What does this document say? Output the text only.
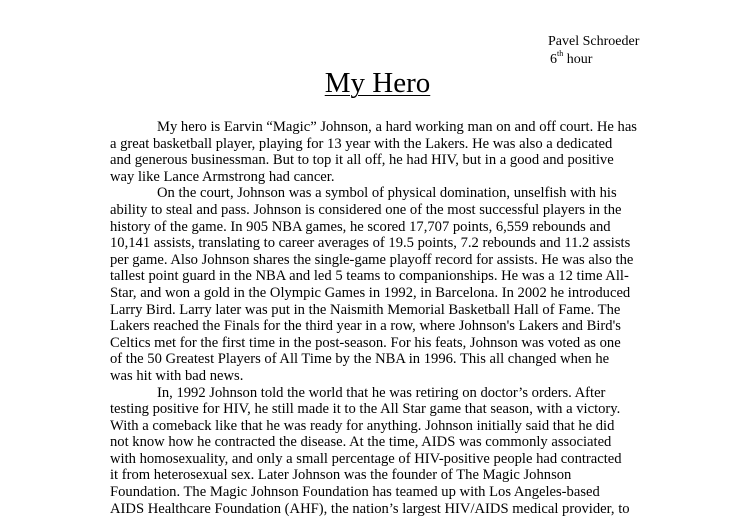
Pavel Schroeder
6th hour
My Hero
My hero is Earvin “Magic” Johnson, a hard working man on and off court. He has
a great basketball player, playing for 13 year with the Lakers. He was also a dedicated
and generous businessman. But to top it all off, he had HIV, but in a good and positive
way like Lance Armstrong had cancer.
On the court, Johnson was a symbol of physical domination, unselfish with his
ability to steal and pass. Johnson is considered one of the most successful players in the
history of the game. In 905 NBA games, he scored 17,707 points, 6,559 rebounds and
10,141 assists, translating to career averages of 19.5 points, 7.2 rebounds and 11.2 assists
per game. Also Johnson shares the single-game playoff record for assists. He was also the
tallest point guard in the NBA and led 5 teams to companionships. He was a 12 time All-
Star, and won a gold in the Olympic Games in 1992, in Barcelona. In 2002 he introduced
Larry Bird. Larry later was put in the Naismith Memorial Basketball Hall of Fame. The
Lakers reached the Finals for the third year in a row, where Johnson's Lakers and Bird's
Celtics met for the first time in the post-season. For his feats, Johnson was voted as one
of the 50 Greatest Players of All Time by the NBA in 1996. This all changed when he
was hit with bad news.
In, 1992 Johnson told the world that he was retiring on doctor’s orders. After
testing positive for HIV, he still made it to the All Star game that season, with a victory.
With a comeback like that he was ready for anything. Johnson initially said that he did
not know how he contracted the disease. At the time, AIDS was commonly associated
with homosexuality, and only a small percentage of HIV-positive people had contracted
it from heterosexual sex. Later Johnson was the founder of The Magic Johnson
Foundation. The Magic Johnson Foundation has teamed up with Los Angeles-based
AIDS Healthcare Foundation (AHF), the nation’s largest HIV/AIDS medical provider, to
